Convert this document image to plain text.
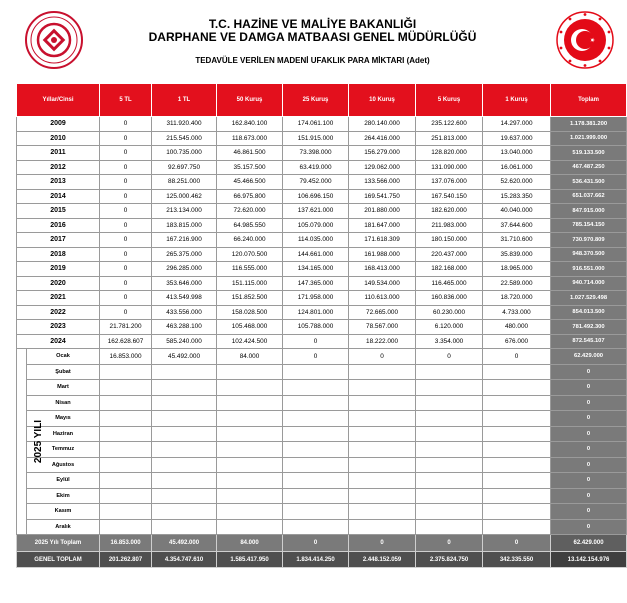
T.C. HAZİNE VE MALİYE BAKANLIĞI
DARPHANE VE DAMGA MATBAASI GENEL MÜDÜRLÜĞÜ
TEDAVÜLE VERİLEN MADENİ UFAKLIK PARA MİKTARI (Adet)
Yıllar/Cinsi		5 TL	1 TL	50 Kuruş	25 Kuruş	10 Kuruş	5 Kuruş	1 Kuruş	Toplam
2009		0	311.920.400	162.840.100	174.061.100	280.140.000	235.122.600	14.297.000	1.178.381.200
2010		0	215.545.000	118.673.000	151.915.000	264.416.000	251.813.000	19.637.000	1.021.999.000
2011		0	100.735.000	46.861.500	73.398.000	156.279.000	128.820.000	13.040.000	519.133.500
2012		0	92.697.750	35.157.500	63.419.000	129.062.000	131.090.000	16.061.000	467.487.250
2013		0	88.251.000	45.466.500	79.452.000	133.566.000	137.076.000	52.620.000	536.431.500
2014		0	125.000.462	66.975.800	106.696.150	169.541.750	167.540.150	15.283.350	651.037.662
2015		0	213.134.000	72.620.000	137.621.000	201.880.000	182.620.000	40.040.000	847.915.000
2016		0	183.815.000	64.985.550	105.079.000	181.647.000	211.983.000	37.644.600	785.154.150
2017		0	167.216.900	66.240.000	114.035.000	171.618.309	180.150.000	31.710.600	730.970.809
2018		0	265.375.000	120.070.500	144.661.000	161.988.000	220.437.000	35.839.000	948.370.500
2019		0	296.285.000	116.555.000	134.165.000	168.413.000	182.168.000	18.965.000	916.551.000
2020		0	353.646.000	151.115.000	147.365.000	149.534.000	116.465.000	22.589.000	940.714.000
2021		0	413.549.998	151.852.500	171.958.000	110.613.000	160.836.000	18.720.000	1.027.529.498
2022		0	433.556.000	158.028.500	124.801.000	72.665.000	60.230.000	4.733.000	854.013.500
2023		21.781.200	463.288.100	105.468.000	105.788.000	78.567.000	6.120.000	480.000	781.492.300
2024		162.628.607	585.240.000	102.424.500	0	18.222.000	3.354.000	676.000	872.545.107
2025 YILI	Ocak	16.853.000	45.492.000	84.000	0	0	0	0	62.429.000
	Şubat								0
	Mart								0
	Nisan								0
	Mayıs								0
	Haziran								0
	Temmuz								0
	Ağustos								0
	Eylül								0
	Ekim								0
	Kasım								0
	Aralık								0
2025 Yılı Toplam		16.853.000	45.492.000	84.000	0	0	0	0	62.429.000
GENEL TOPLAM		201.262.807	4.354.747.610	1.585.417.950	1.834.414.250	2.448.152.059	2.375.824.750	342.335.550	13.142.154.976
